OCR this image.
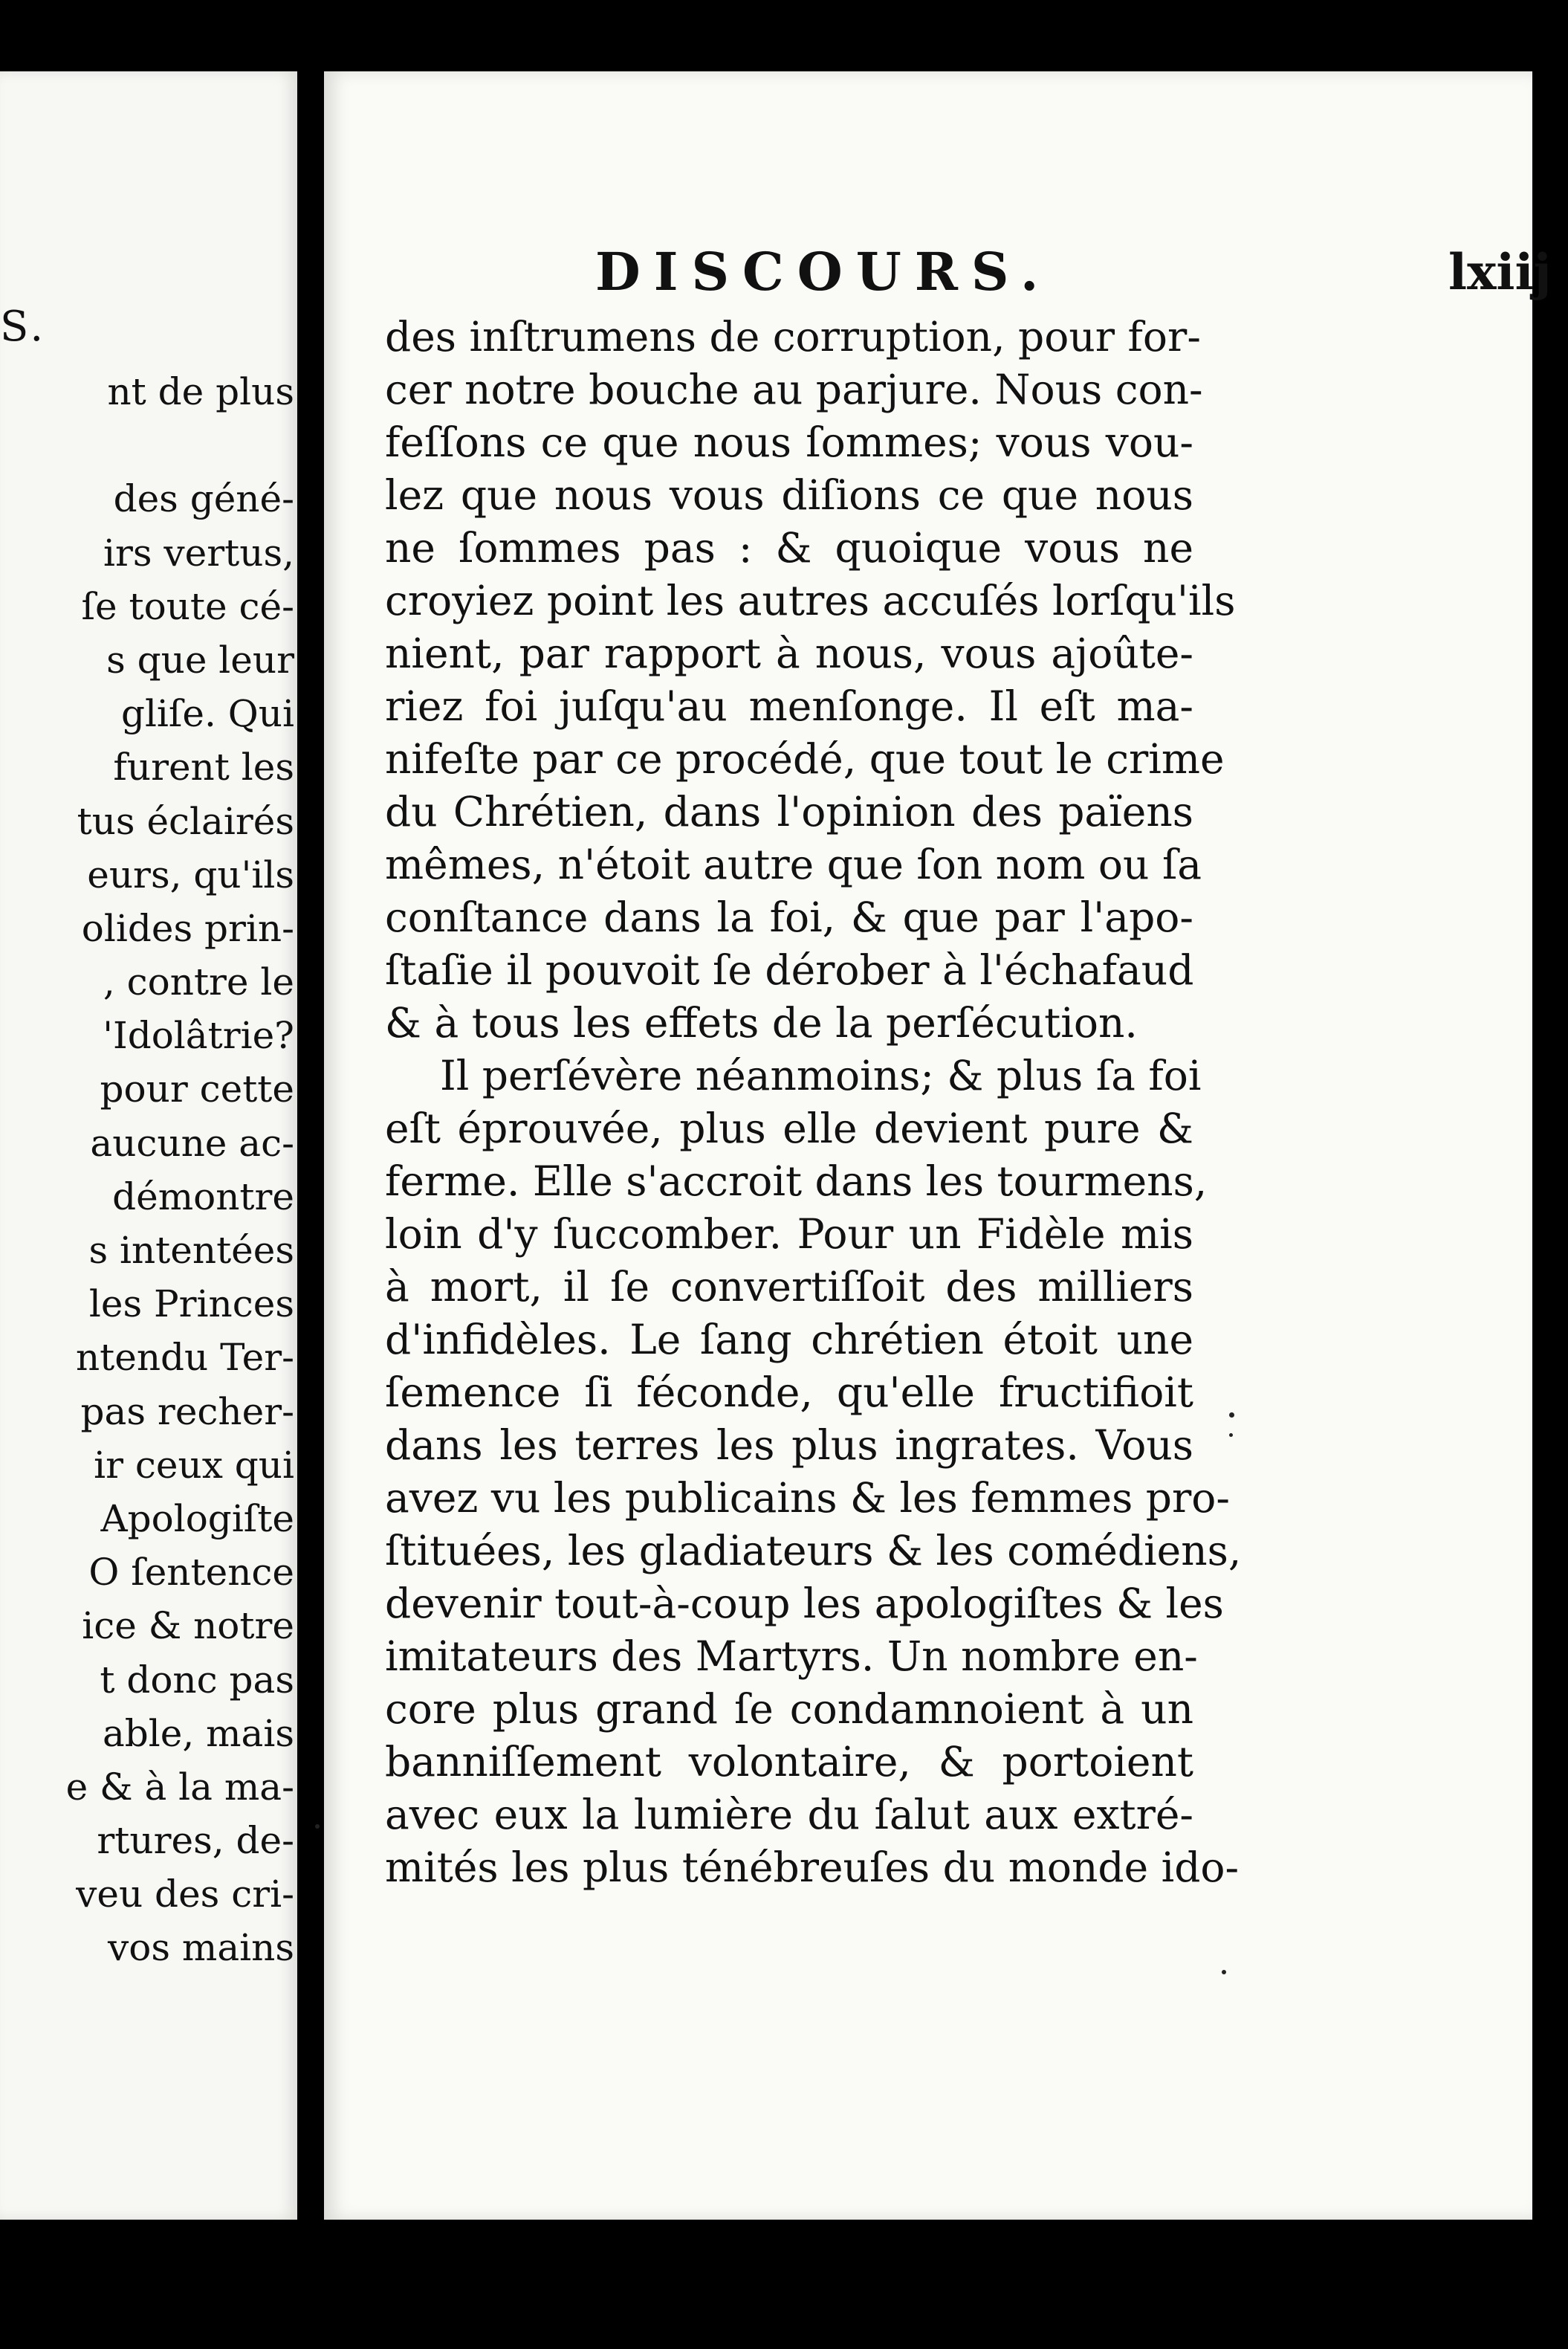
S.
nt de plus
des géné-
irs vertus,
ſe toute cé-
s que leur
gliſe. Qui
furent les
tus éclairés
eurs, qu'ils
olides prin-
, contre le
'Idolâtrie?
pour cette
aucune ac-
démontre
s intentées
les Princes
ntendu Ter-
pas recher-
ir ceux qui
Apologiſte
O ſentence
ice & notre
t donc pas
able, mais
e & à la ma-
rtures, de-
veu des cri-
vos mains
DISCOURS.	lxiij
des inſtrumens de corruption, pour for-
cer notre bouche au parjure. Nous con-
feſſons ce que nous ſommes; vous vou-
lez que nous vous diſions ce que nous
ne ſommes pas : & quoique vous ne
croyiez point les autres accuſés lorſqu'ils
nient, par rapport à nous, vous ajoûte-
riez foi juſqu'au menſonge. Il eſt ma-
nifeſte par ce procédé, que tout le crime
du Chrétien, dans l'opinion des païens
mêmes, n'étoit autre que ſon nom ou ſa
conſtance dans la foi, & que par l'apo-
ſtaſie il pouvoit ſe dérober à l'échafaud
& à tous les effets de la perſécution.
Il perſévère néanmoins; & plus ſa foi
eſt éprouvée, plus elle devient pure &
ferme. Elle s'accroit dans les tourmens,
loin d'y ſuccomber. Pour un Fidèle mis
à mort, il ſe convertiſſoit des milliers
d'infidèles. Le ſang chrétien étoit une
ſemence ſi féconde, qu'elle fructifioit
dans les terres les plus ingrates. Vous
avez vu les publicains & les femmes pro-
ſtituées, les gladiateurs & les comédiens,
devenir tout-à-coup les apologiſtes & les
imitateurs des Martyrs. Un nombre en-
core plus grand ſe condamnoient à un
banniſſement volontaire, & portoient
avec eux la lumière du ſalut aux extré-
mités les plus ténébreuſes du monde ido-
